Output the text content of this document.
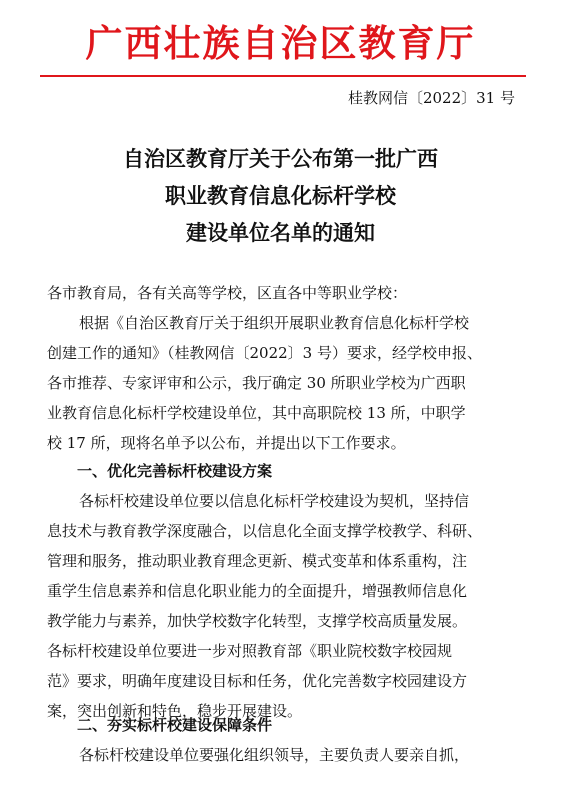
广西壮族自治区教育厅
桂教网信〔2022〕31 号
自治区教育厅关于公布第一批广西
职业教育信息化标杆学校
建设单位名单的通知
各市教育局，各有关高等学校，区直各中等职业学校：
根据《自治区教育厅关于组织开展职业教育信息化标杆学校
创建工作的通知》（桂教网信〔2022〕3 号）要求，经学校申报、
各市推荐、专家评审和公示，我厅确定 30 所职业学校为广西职
业教育信息化标杆学校建设单位，其中高职院校 13 所，中职学
校 17 所，现将名单予以公布，并提出以下工作要求。
一、优化完善标杆校建设方案
各标杆校建设单位要以信息化标杆学校建设为契机，坚持信
息技术与教育教学深度融合，以信息化全面支撑学校教学、科研、
管理和服务，推动职业教育理念更新、模式变革和体系重构，注
重学生信息素养和信息化职业能力的全面提升，增强教师信息化
教学能力与素养，加快学校数字化转型，支撑学校高质量发展。
各标杆校建设单位要进一步对照教育部《职业院校数字校园规
范》要求，明确年度建设目标和任务，优化完善数字校园建设方
案，突出创新和特色，稳步开展建设。
二、夯实标杆校建设保障条件
各标杆校建设单位要强化组织领导，主要负责人要亲自抓，
